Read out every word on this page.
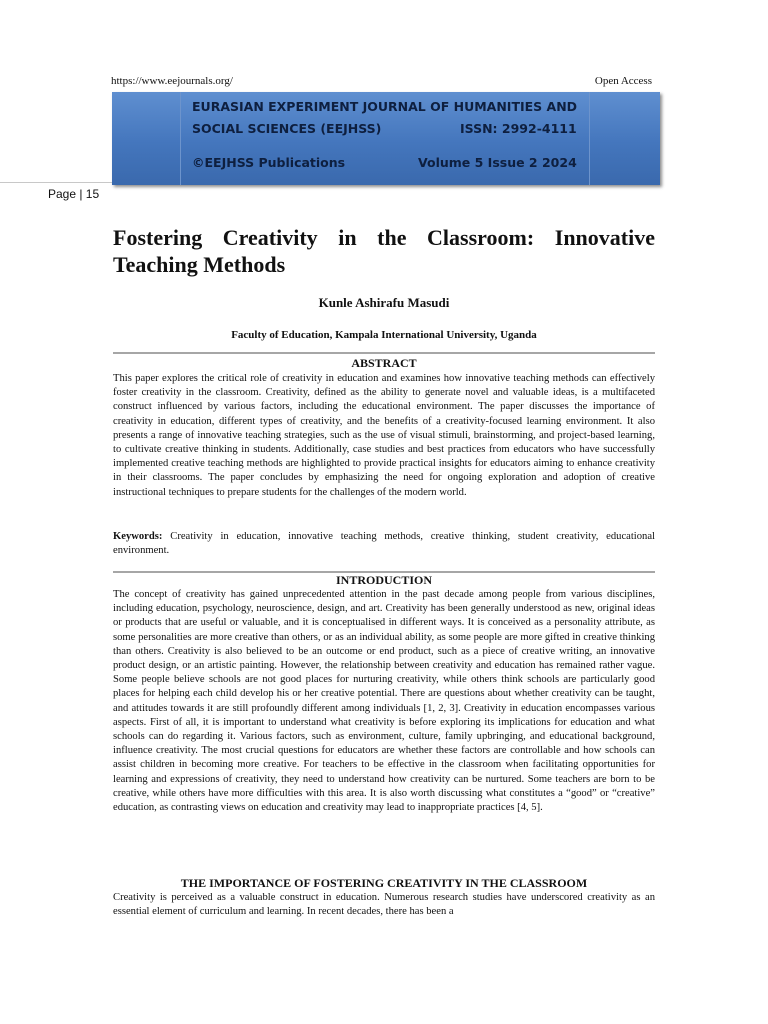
https://www.eejournals.org/	Open Access
EURASIAN EXPERIMENT JOURNAL OF HUMANITIES AND
SOCIAL SCIENCES (EEJHSS)	ISSN: 2992-4111
©EEJHSS Publications	Volume 5 Issue 2 2024
Page | 15
Fostering Creativity in the Classroom: Innovative Teaching Methods
Kunle Ashirafu Masudi
Faculty of Education, Kampala International University, Uganda
ABSTRACT
This paper explores the critical role of creativity in education and examines how innovative teaching methods can effectively foster creativity in the classroom. Creativity, defined as the ability to generate novel and valuable ideas, is a multifaceted construct influenced by various factors, including the educational environment. The paper discusses the importance of creativity in education, different types of creativity, and the benefits of a creativity-focused learning environment. It also presents a range of innovative teaching strategies, such as the use of visual stimuli, brainstorming, and project-based learning, to cultivate creative thinking in students. Additionally, case studies and best practices from educators who have successfully implemented creative teaching methods are highlighted to provide practical insights for educators aiming to enhance creativity in their classrooms. The paper concludes by emphasizing the need for ongoing exploration and adoption of creative instructional techniques to prepare students for the challenges of the modern world.
Keywords: Creativity in education, innovative teaching methods, creative thinking, student creativity, educational environment.
INTRODUCTION
The concept of creativity has gained unprecedented attention in the past decade among people from various disciplines, including education, psychology, neuroscience, design, and art. Creativity has been generally understood as new, original ideas or products that are useful or valuable, and it is conceptualised in different ways. It is conceived as a personality attribute, as some personalities are more creative than others, or as an individual ability, as some people are more gifted in creative thinking than others. Creativity is also believed to be an outcome or end product, such as a piece of creative writing, an innovative product design, or an artistic painting. However, the relationship between creativity and education has remained rather vague. Some people believe schools are not good places for nurturing creativity, while others think schools are particularly good places for helping each child develop his or her creative potential. There are questions about whether creativity can be taught, and attitudes towards it are still profoundly different among individuals [1, 2, 3]. Creativity in education encompasses various aspects. First of all, it is important to understand what creativity is before exploring its implications for education and what schools can do regarding it. Various factors, such as environment, culture, family upbringing, and educational background, influence creativity. The most crucial questions for educators are whether these factors are controllable and how schools can assist children in becoming more creative. For teachers to be effective in the classroom when facilitating opportunities for learning and expressions of creativity, they need to understand how creativity can be nurtured. Some teachers are born to be creative, while others have more difficulties with this area. It is also worth discussing what constitutes a “good” or “creative” education, as contrasting views on education and creativity may lead to inappropriate practices [4, 5].
THE IMPORTANCE OF FOSTERING CREATIVITY IN THE CLASSROOM
Creativity is perceived as a valuable construct in education. Numerous research studies have underscored creativity as an essential element of curriculum and learning. In recent decades, there has been a
